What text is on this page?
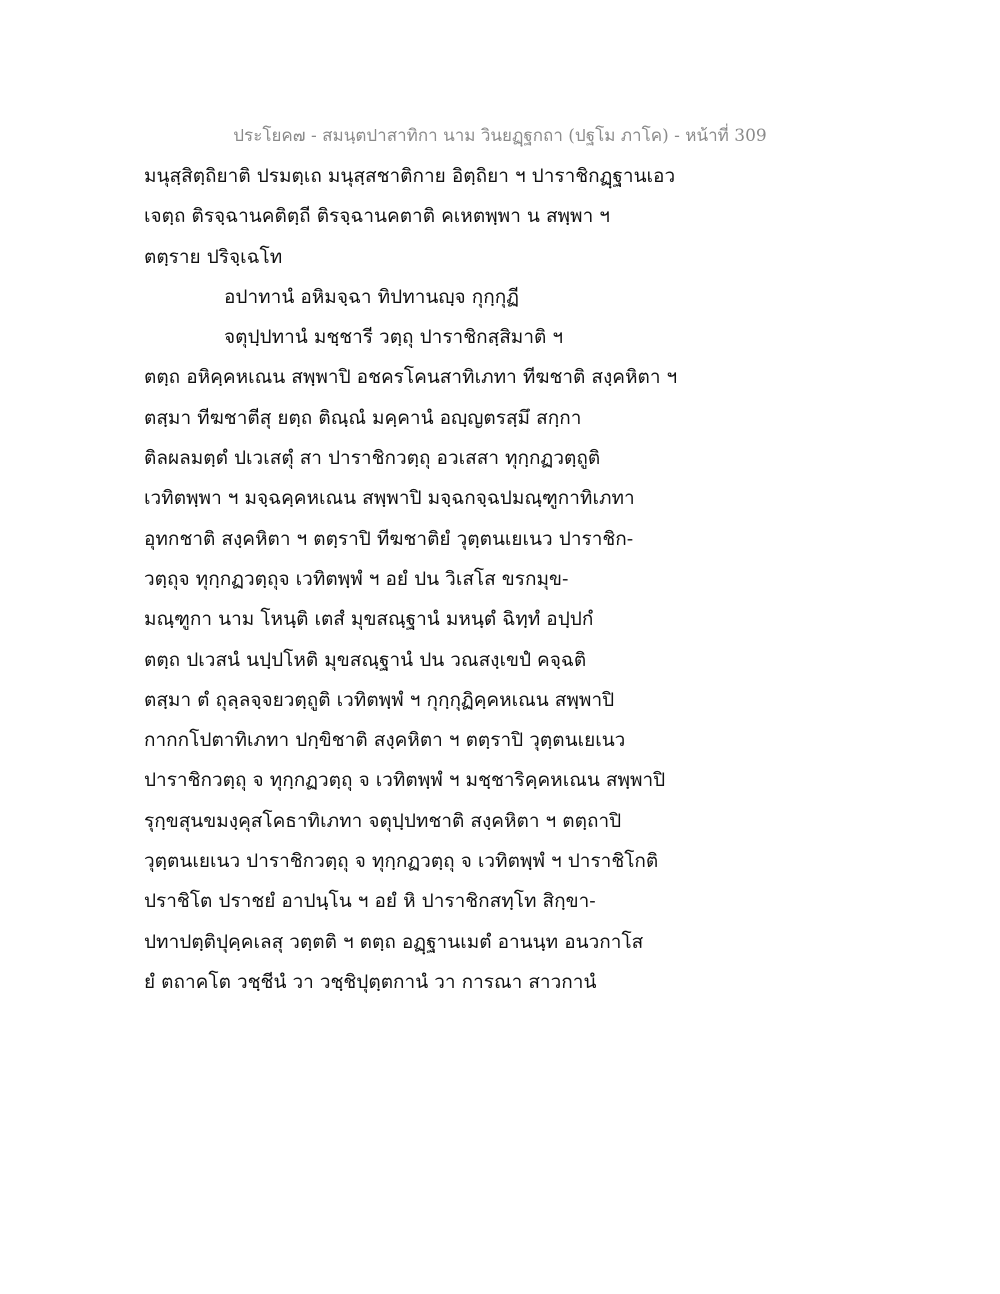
ประโยค๗ - สมนฺตปาสาทิกา นาม วินยฏฺฐกถา (ปฐโม ภาโค) - หน้าที่ 309
มนุสฺสิตฺถิยาติ ปรมตฺเถ มนุสฺสชาติกาย อิตฺถิยา ฯ ปาราชิกฏฺฐานเอว
เจตฺถ ติรจฺฉานคติตฺถี ติรจฺฉานคตาติ คเหตพฺพา น สพฺพา ฯ
ตตฺราย ปริจฺเฉโท
อปาทานํ อหิมจฺฉา ทิปทานญฺจ กุกฺกุฏี
จตุปฺปทานํ มชฺชารี วตฺถุ ปาราชิกสฺสิมาติ ฯ
ตตฺถ อหิคฺคหเณน สพฺพาปิ อชครโคนสาทิเภทา ทีฆชาติ สงฺคหิตา ฯ
ตสฺมา ทีฆชาตีสุ ยตฺถ ติณฺณํ มคฺคานํ อญฺญตรสฺมึ สกฺกา
ติลผลมตฺตํ ปเวเสตุํ สา ปาราชิกวตฺถุ อวเสสา ทุกฺกฏวตฺถูติ
เวทิตพฺพา ฯ มจฺฉคฺคหเณน สพฺพาปิ มจฺฉกจฺฉปมณฺฑูกาทิเภทา
อุทกชาติ สงฺคหิตา ฯ ตตฺราปิ ทีฆชาติยํ วุตฺตนเยเนว ปาราชิก-
วตฺถุจ ทุกฺกฏวตฺถุจ เวทิตพฺพํ ฯ อยํ ปน วิเสโส ขรกมุข-
มณฺฑูกา นาม โหนฺติ เตสํ มุขสณฺฐานํ มหนฺตํ ฉิทฺทํ อปฺปกํ
ตตฺถ ปเวสนํ นปฺปโหติ มุขสณฺฐานํ ปน วณสงฺเขปํ คจฺฉติ
ตสฺมา ตํ ถุลฺลจฺจยวตฺถูติ เวทิตพฺพํ ฯ กุกฺกุฏิคฺคหเณน สพฺพาปิ
กากกโปตาทิเภทา ปกฺขิชาติ สงฺคหิตา ฯ ตตฺราปิ วุตฺตนเยเนว
ปาราชิกวตฺถุ จ ทุกฺกฏวตฺถุ จ เวทิตพฺพํ ฯ มชฺชาริคฺคหเณน สพฺพาปิ
รุกฺขสุนขมงฺคุสโคธาทิเภทา จตุปฺปทชาติ สงฺคหิตา ฯ ตตฺถาปิ
วุตฺตนเยเนว ปาราชิกวตฺถุ จ ทุกฺกฏวตฺถุ จ เวทิตพฺพํ ฯ ปาราชิโกติ
ปราชิโต ปราชยํ อาปนฺโน ฯ อยํ หิ ปาราชิกสทฺโท สิกฺขา-
ปทาปตฺติปุคฺคเลสุ วตฺตติ ฯ ตตฺถ อฏฺฐานเมตํ อานนฺท อนวกาโส
ยํ ตถาคโต วชฺชีนํ วา วชฺชิปุตฺตกานํ วา การณา สาวกานํ
